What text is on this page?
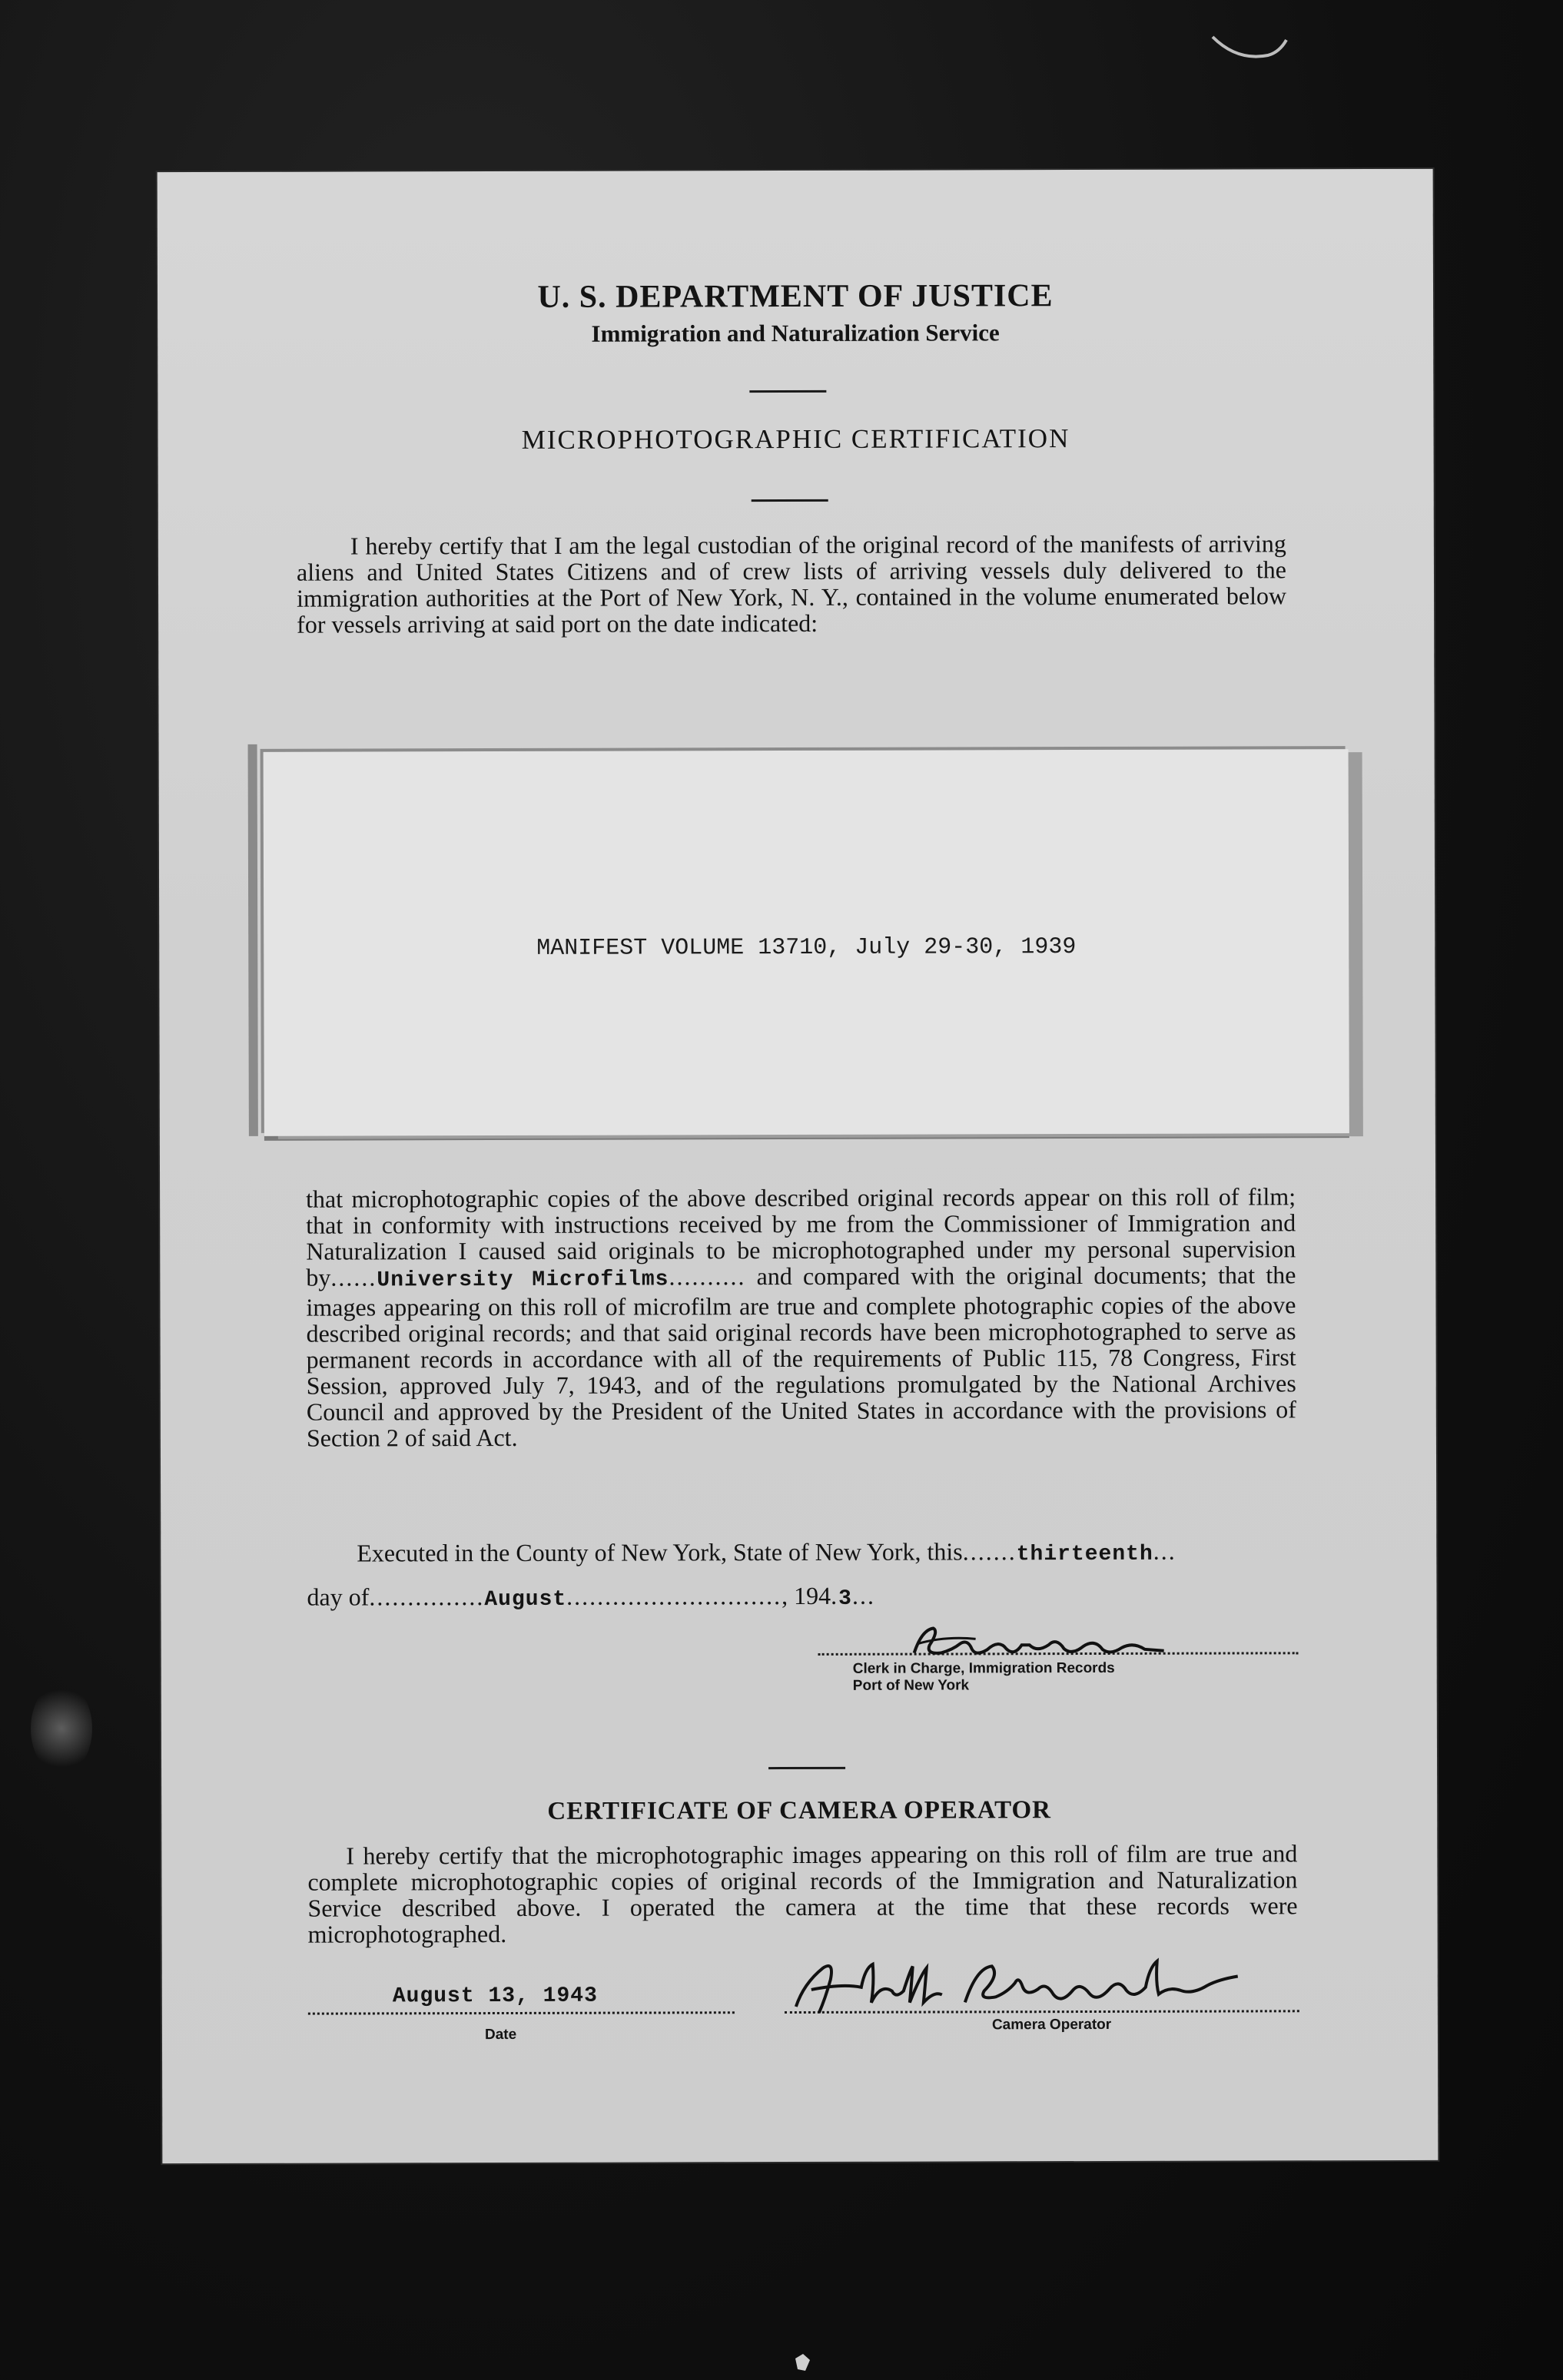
U. S. DEPARTMENT OF JUSTICE
Immigration and Naturalization Service
MICROPHOTOGRAPHIC CERTIFICATION
I hereby certify that I am the legal custodian of the original record of the manifests of arriving aliens and United States Citizens and of crew lists of arriving vessels duly delivered to the immigration authorities at the Port of New York, N. Y., contained in the volume enumerated below for vessels arriving at said port on the date indicated:
MANIFEST VOLUME 13710, July 29-30, 1939
that microphotographic copies of the above described original records appear on this roll of film; that in conformity with instructions received by me from the Commissioner of Immigration and Naturalization I caused said originals to be microphotographed under my personal supervision by......University Microfilms.......... and compared with the original documents; that the images appearing on this roll of microfilm are true and complete photographic copies of the above described original records; and that said original records have been microphotographed to serve as permanent records in accordance with all of the requirements of Public 115, 78 Congress, First Session, approved July 7, 1943, and of the regulations promulgated by the National Archives Council and approved by the President of the United States in accordance with the provisions of Section 2 of said Act.
Executed in the County of New York, State of New York, this.......thirteenth...
day of...............August............................, 194.3...
Clerk in Charge, Immigration Records
Port of New York
CERTIFICATE OF CAMERA OPERATOR
I hereby certify that the microphotographic images appearing on this roll of film are true and complete microphotographic copies of original records of the Immigration and Naturalization Service described above. I operated the camera at the time that these records were microphotographed.
August 13, 1943
Date
Camera Operator
